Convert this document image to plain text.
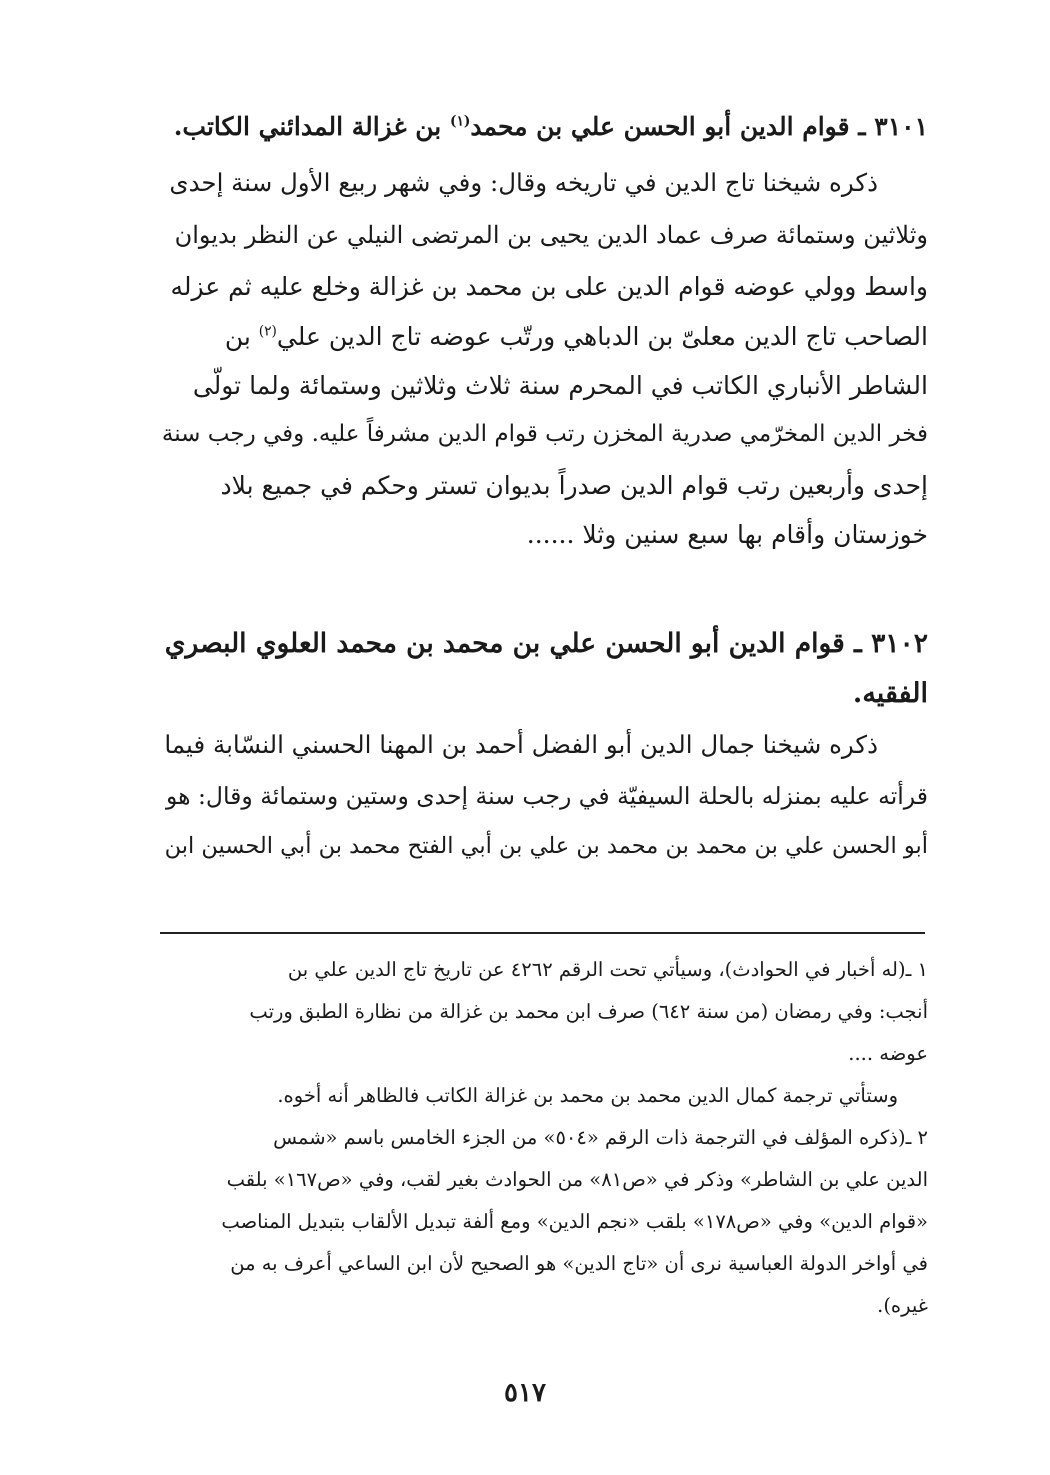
٣١٠١ ـ قوام الدين أبو الحسن علي بن محمد$^{(١)}$ بن غزالة المدائني الكاتب.
ذكره شيخنا تاج الدين في تاريخه وقال: وفي شهر ربيع الأول سنة إحدى
وثلاثين وستمائة صرف عماد الدين يحيى بن المرتضى النيلي عن النظر بديوان
واسط وولي عوضه قوام الدين على بن محمد بن غزالة وخلع عليه ثم عزله
الصاحب تاج الدين معلىّ بن الدباهي ورتّب عوضه تاج الدين علي$^{(٢)}$ بن
الشاطر الأنباري الكاتب في المحرم سنة ثلاث وثلاثين وستمائة ولما تولّى
فخر الدين المخرّمي صدرية المخزن رتب قوام الدين مشرفاً عليه. وفي رجب سنة
إحدى وأربعين رتب قوام الدين صدراً بديوان تستر وحكم في جميع بلاد
خوزستان وأقام بها سبع سنين وثلا ......
٣١٠٢ ـ قوام الدين أبو الحسن علي بن محمد بن محمد العلوي البصري
الفقيه.
ذكره شيخنا جمال الدين أبو الفضل أحمد بن المهنا الحسني النسّابة فيما
قرأته عليه بمنزله بالحلة السيفيّة في رجب سنة إحدى وستين وستمائة وقال: هو
أبو الحسن علي بن محمد بن محمد بن علي بن أبي الفتح محمد بن أبي الحسين ابن
١ ـ(له أخبار في الحوادث)، وسيأتي تحت الرقم ٤٢٦٢ عن تاريخ تاج الدين علي بن
أنجب: وفي رمضان (من سنة ٦٤٢) صرف ابن محمد بن غزالة من نظارة الطبق ورتب
عوضه ....
وستأتي ترجمة كمال الدين محمد بن محمد بن غزالة الكاتب فالظاهر أنه أخوه.
٢ ـ(ذكره المؤلف في الترجمة ذات الرقم «٥٠٤» من الجزء الخامس باسم «شمس
الدين علي بن الشاطر» وذكر في «ص٨١» من الحوادث بغير لقب، وفي «ص١٦٧» بلقب
«قوام الدين» وفي «ص١٧٨» بلقب «نجم الدين» ومع ألفة تبديل الألقاب بتبديل المناصب
في أواخر الدولة العباسية نرى أن «تاج الدين» هو الصحيح لأن ابن الساعي أعرف به من
غيره).
٥١٧
